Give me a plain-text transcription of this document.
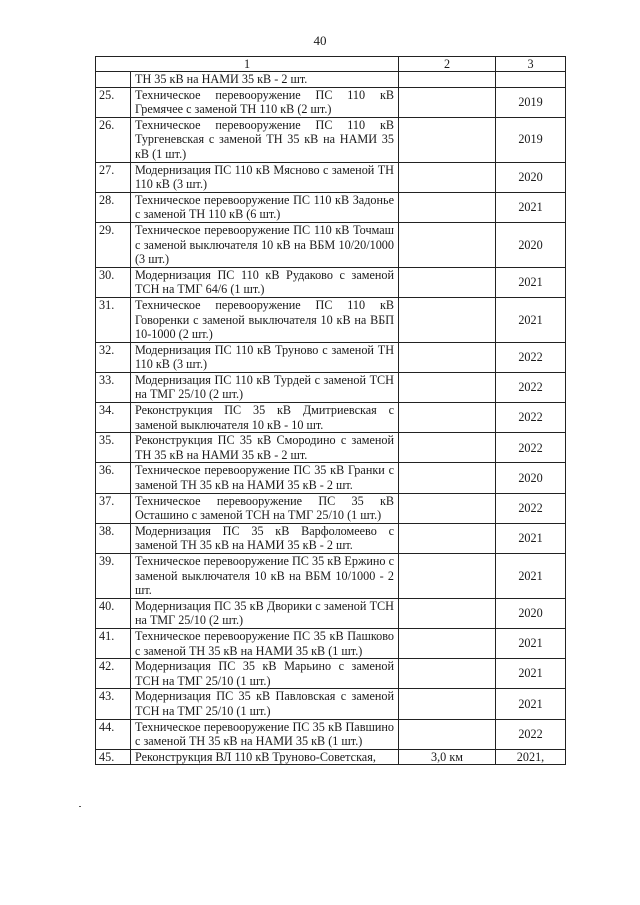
40
1		2	3
	ТН 35 кВ на НАМИ 35 кВ - 2 шт.		
25.	Техническое перевооружение ПС 110 кВ Гремячее с заменой ТН 110 кВ (2 шт.)		2019
26.	Техническое перевооружение ПС 110 кВ Тургеневская с заменой ТН 35 кВ на НАМИ 35 кВ (1 шт.)		2019
27.	Модернизация ПС 110 кВ Мясново с заменой ТН 110 кВ (3 шт.)		2020
28.	Техническое перевооружение ПС 110 кВ Задонье с заменой ТН 110 кВ (6 шт.)		2021
29.	Техническое перевооружение ПС 110 кВ Точмаш с заменой выключателя 10 кВ на ВБМ 10/20/1000 (3 шт.)		2020
30.	Модернизация ПС 110 кВ Рудаково с заменой ТСН на ТМГ 64/6 (1 шт.)		2021
31.	Техническое перевооружение ПС 110 кВ Говоренки с заменой выключателя 10 кВ на ВБП 10-1000 (2 шт.)		2021
32.	Модернизация ПС 110 кВ Труново с заменой ТН 110 кВ (3 шт.)		2022
33.	Модернизация ПС 110 кВ Турдей с заменой ТСН на ТМГ 25/10 (2 шт.)		2022
34.	Реконструкция ПС 35 кВ Дмитриевская с заменой выключателя 10 кВ - 10 шт.		2022
35.	Реконструкция ПС 35 кВ Смородино с заменой ТН 35 кВ на НАМИ 35 кВ - 2 шт.		2022
36.	Техническое перевооружение ПС 35 кВ Гранки с заменой ТН 35 кВ на НАМИ 35 кВ - 2 шт.		2020
37.	Техническое перевооружение ПС 35 кВ Осташино с заменой ТСН на ТМГ 25/10 (1 шт.)		2022
38.	Модернизация ПС 35 кВ Варфоломеево с заменой ТН 35 кВ на НАМИ 35 кВ - 2 шт.		2021
39.	Техническое перевооружение ПС 35 кВ Ержино с заменой выключателя 10 кВ на ВБМ 10/1000 - 2 шт.		2021
40.	Модернизация ПС 35 кВ Дворики с заменой ТСН на ТМГ 25/10 (2 шт.)		2020
41.	Техническое перевооружение ПС 35 кВ Пашково с заменой ТН 35 кВ на НАМИ 35 кВ (1 шт.)		2021
42.	Модернизация ПС 35 кВ Марьино с заменой ТСН на ТМГ 25/10 (1 шт.)		2021
43.	Модернизация ПС 35 кВ Павловская с заменой ТСН на ТМГ 25/10 (1 шт.)		2021
44.	Техническое перевооружение ПС 35 кВ Павшино с заменой ТН 35 кВ на НАМИ 35 кВ (1 шт.)		2022
45.	Реконструкция ВЛ 110 кВ Труново-Советская,	3,0 км	2021,
